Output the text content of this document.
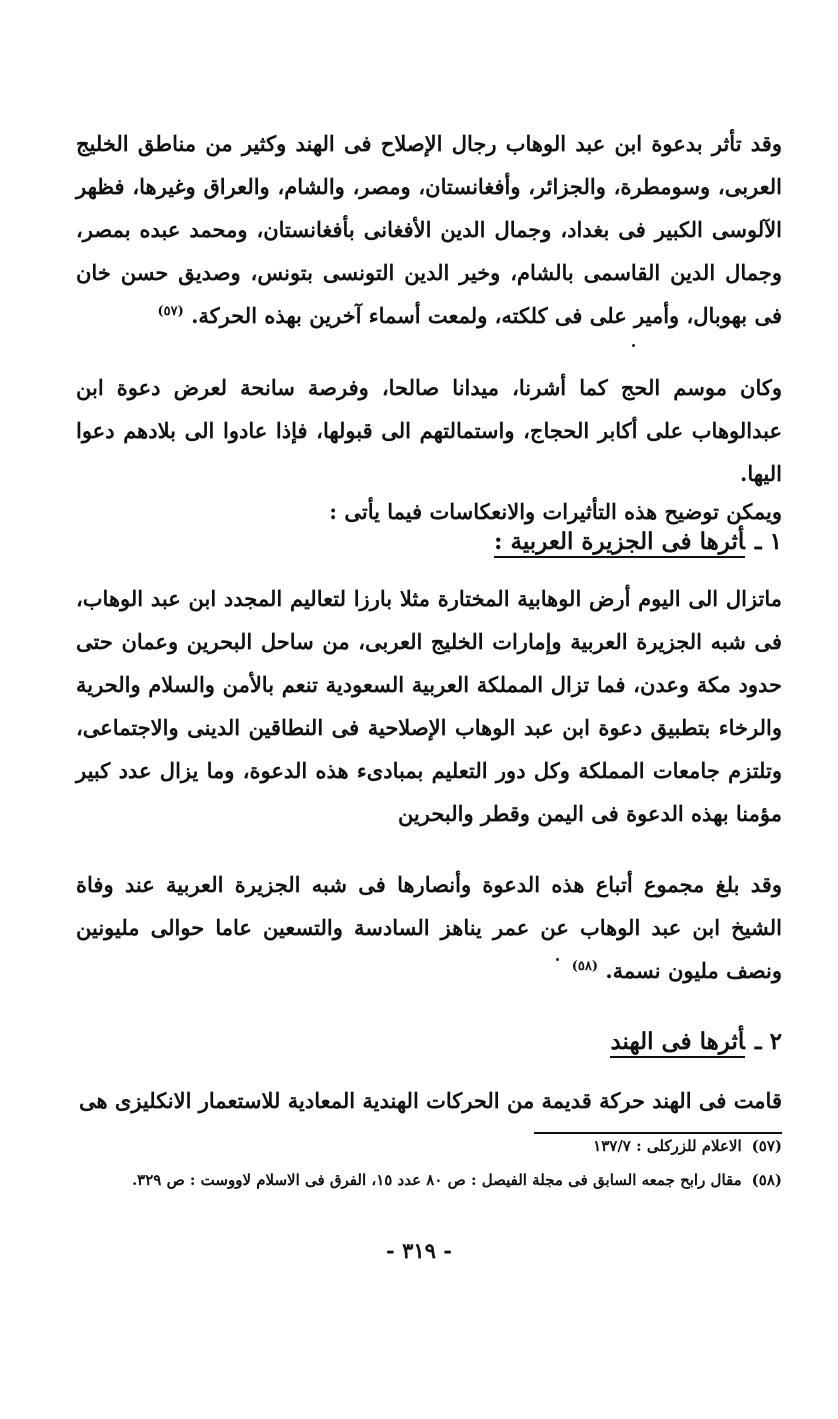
وقد تأثر بدعوة ابن عبد الوهاب رجال الإصلاح فى الهند وكثير من مناطق الخليج العربى، وسومطرة، والجزائر، وأفغانستان، ومصر، والشام، والعراق وغيرها، فظهر الآلوسى الكبير فى بغداد، وجمال الدين الأفغانى بأفغانستان، ومحمد عبده بمصر، وجمال الدين القاسمى بالشام، وخير الدين التونسى بتونس، وصديق حسن خان فى بهوبال، وأمير على فى كلكته، ولمعت أسماء آخرين بهذه الحركة. $^{(٥٧)}$
وكان موسم الحج كما أشرنا، ميدانا صالحا، وفرصة سانحة لعرض دعوة ابن عبدالوهاب على أكابر الحجاج، واستمالتهم الى قبولها، فإذا عادوا الى بلادهم دعوا اليها.
ويمكن توضيح هذه التأثيرات والانعكاسات فيما يأتى :
١ ـأثرها فى الجزيرة العربية :
ماتزال الى اليوم أرض الوهابية المختارة مثلا بارزا لتعاليم المجدد ابن عبد الوهاب، فى شبه الجزيرة العربية وإمارات الخليج العربى، من ساحل البحرين وعمان حتى حدود مكة وعدن، فما تزال المملكة العربية السعودية تنعم بالأمن والسلام والحرية والرخاء بتطبيق دعوة ابن عبد الوهاب الإصلاحية فى النطاقين الدينى والاجتماعى، وتلتزم جامعات المملكة وكل دور التعليم بمبادىء هذه الدعوة، وما يزال عدد كبير مؤمنا بهذه الدعوة فى اليمن وقطر والبحرين
وقد بلغ مجموع أتباع هذه الدعوة وأنصارها فى شبه الجزيرة العربية عند وفاة الشيخ ابن عبد الوهاب عن عمر يناهز السادسة والتسعين عاما حوالى مليونين ونصف مليون نسمة. $^{(٥٨)}$
٢ ـأثرها فى الهند
قامت فى الهند حركة قديمة من الحركات الهندية المعادية للاستعمار الانكليزى هى
(٥٧)الاعلام للزركلى : ١٣٧/٧
(٥٨)مقال رابح جمعه السابق فى مجلة الفيصل : ص ٨٠ عدد ١٥، الفرق فى الاسلام لاووست : ص ٣٢٩.
- ٣١٩ -
